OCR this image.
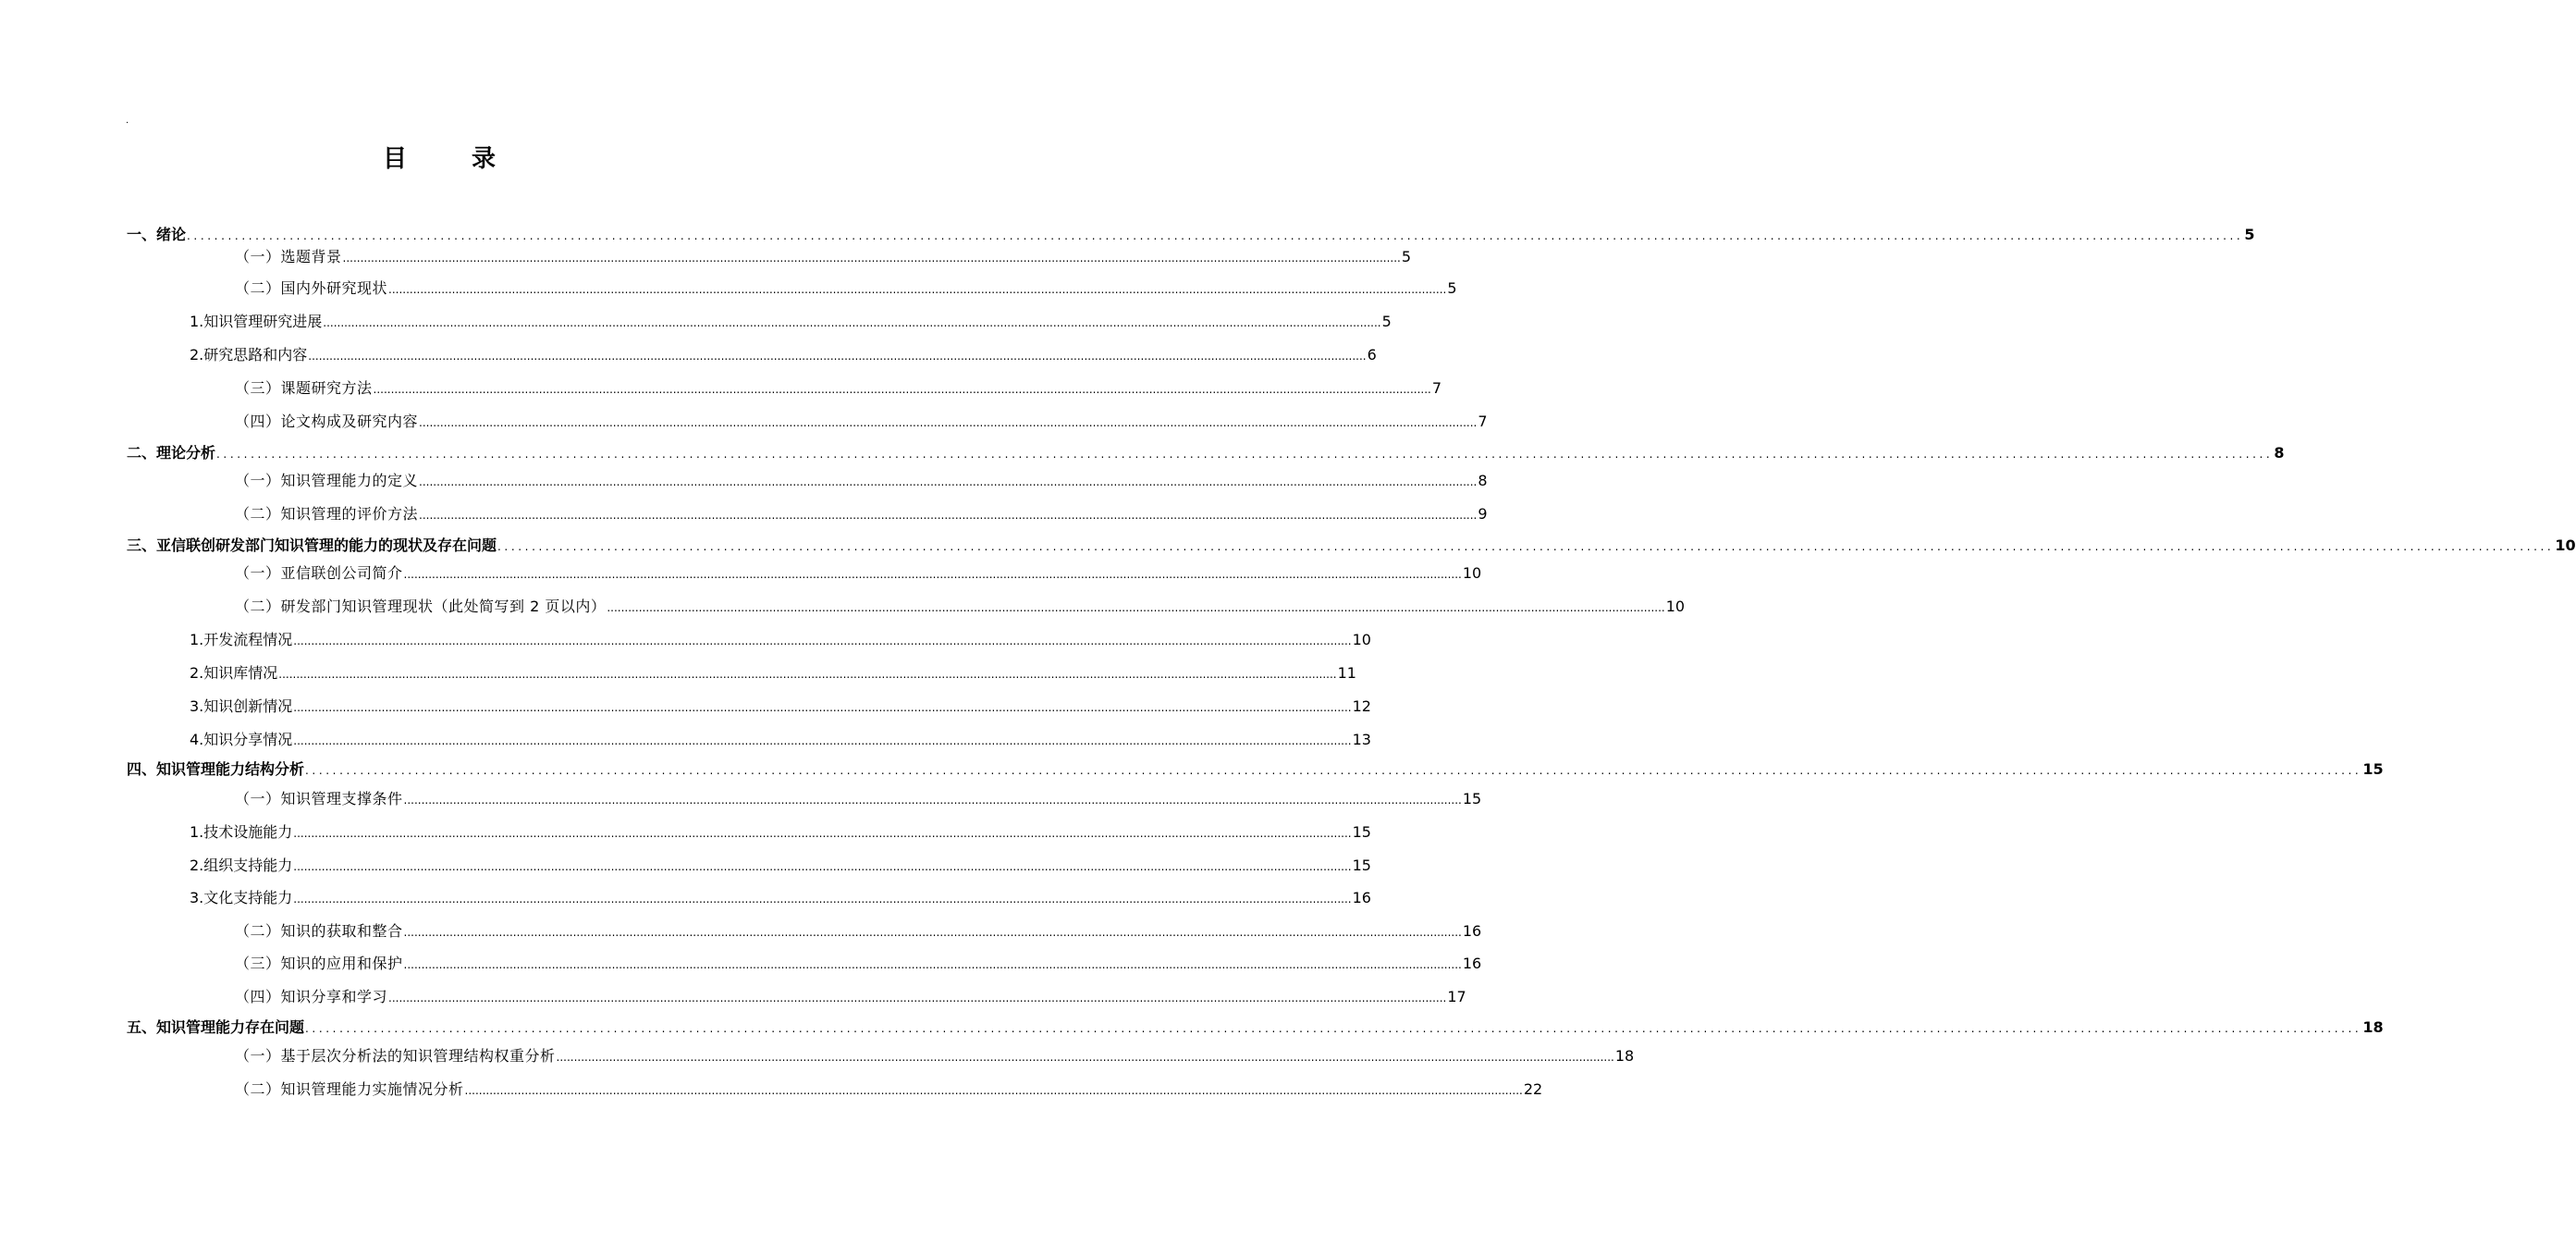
.
目录
一、绪论 ............................................................................................................................................................................................................................................................................................................ 5
（一）选题背景 ............................................................................................................................................................................................................................................................................................................ 5
（二）国内外研究现状 ............................................................................................................................................................................................................................................................................................................ 5
1.知识管理研究进展 ............................................................................................................................................................................................................................................................................................................ 5
2.研究思路和内容 ............................................................................................................................................................................................................................................................................................................ 6
（三）课题研究方法 ............................................................................................................................................................................................................................................................................................................ 7
（四）论文构成及研究内容 ............................................................................................................................................................................................................................................................................................................ 7
二、理论分析 ............................................................................................................................................................................................................................................................................................................ 8
（一）知识管理能力的定义 ............................................................................................................................................................................................................................................................................................................ 8
（二）知识管理的评价方法 ............................................................................................................................................................................................................................................................................................................ 9
三、亚信联创研发部门知识管理的能力的现状及存在问题 ............................................................................................................................................................................................................................................................................................................ 10
（一）亚信联创公司简介 ............................................................................................................................................................................................................................................................................................................ 10
（二）研发部门知识管理现状（此处简写到 2 页以内） ............................................................................................................................................................................................................................................................................................................ 10
1.开发流程情况 ............................................................................................................................................................................................................................................................................................................ 10
2.知识库情况 ............................................................................................................................................................................................................................................................................................................ 11
3.知识创新情况 ............................................................................................................................................................................................................................................................................................................ 12
4.知识分享情况 ............................................................................................................................................................................................................................................................................................................ 13
四、知识管理能力结构分析 ............................................................................................................................................................................................................................................................................................................ 15
（一）知识管理支撑条件 ............................................................................................................................................................................................................................................................................................................ 15
1.技术设施能力 ............................................................................................................................................................................................................................................................................................................ 15
2.组织支持能力 ............................................................................................................................................................................................................................................................................................................ 15
3.文化支持能力 ............................................................................................................................................................................................................................................................................................................ 16
（二）知识的获取和整合 ............................................................................................................................................................................................................................................................................................................ 16
（三）知识的应用和保护 ............................................................................................................................................................................................................................................................................................................ 16
（四）知识分享和学习 ............................................................................................................................................................................................................................................................................................................ 17
五、知识管理能力存在问题 ............................................................................................................................................................................................................................................................................................................ 18
（一）基于层次分析法的知识管理结构权重分析 ............................................................................................................................................................................................................................................................................................................ 18
（二）知识管理能力实施情况分析 ............................................................................................................................................................................................................................................................................................................ 22
